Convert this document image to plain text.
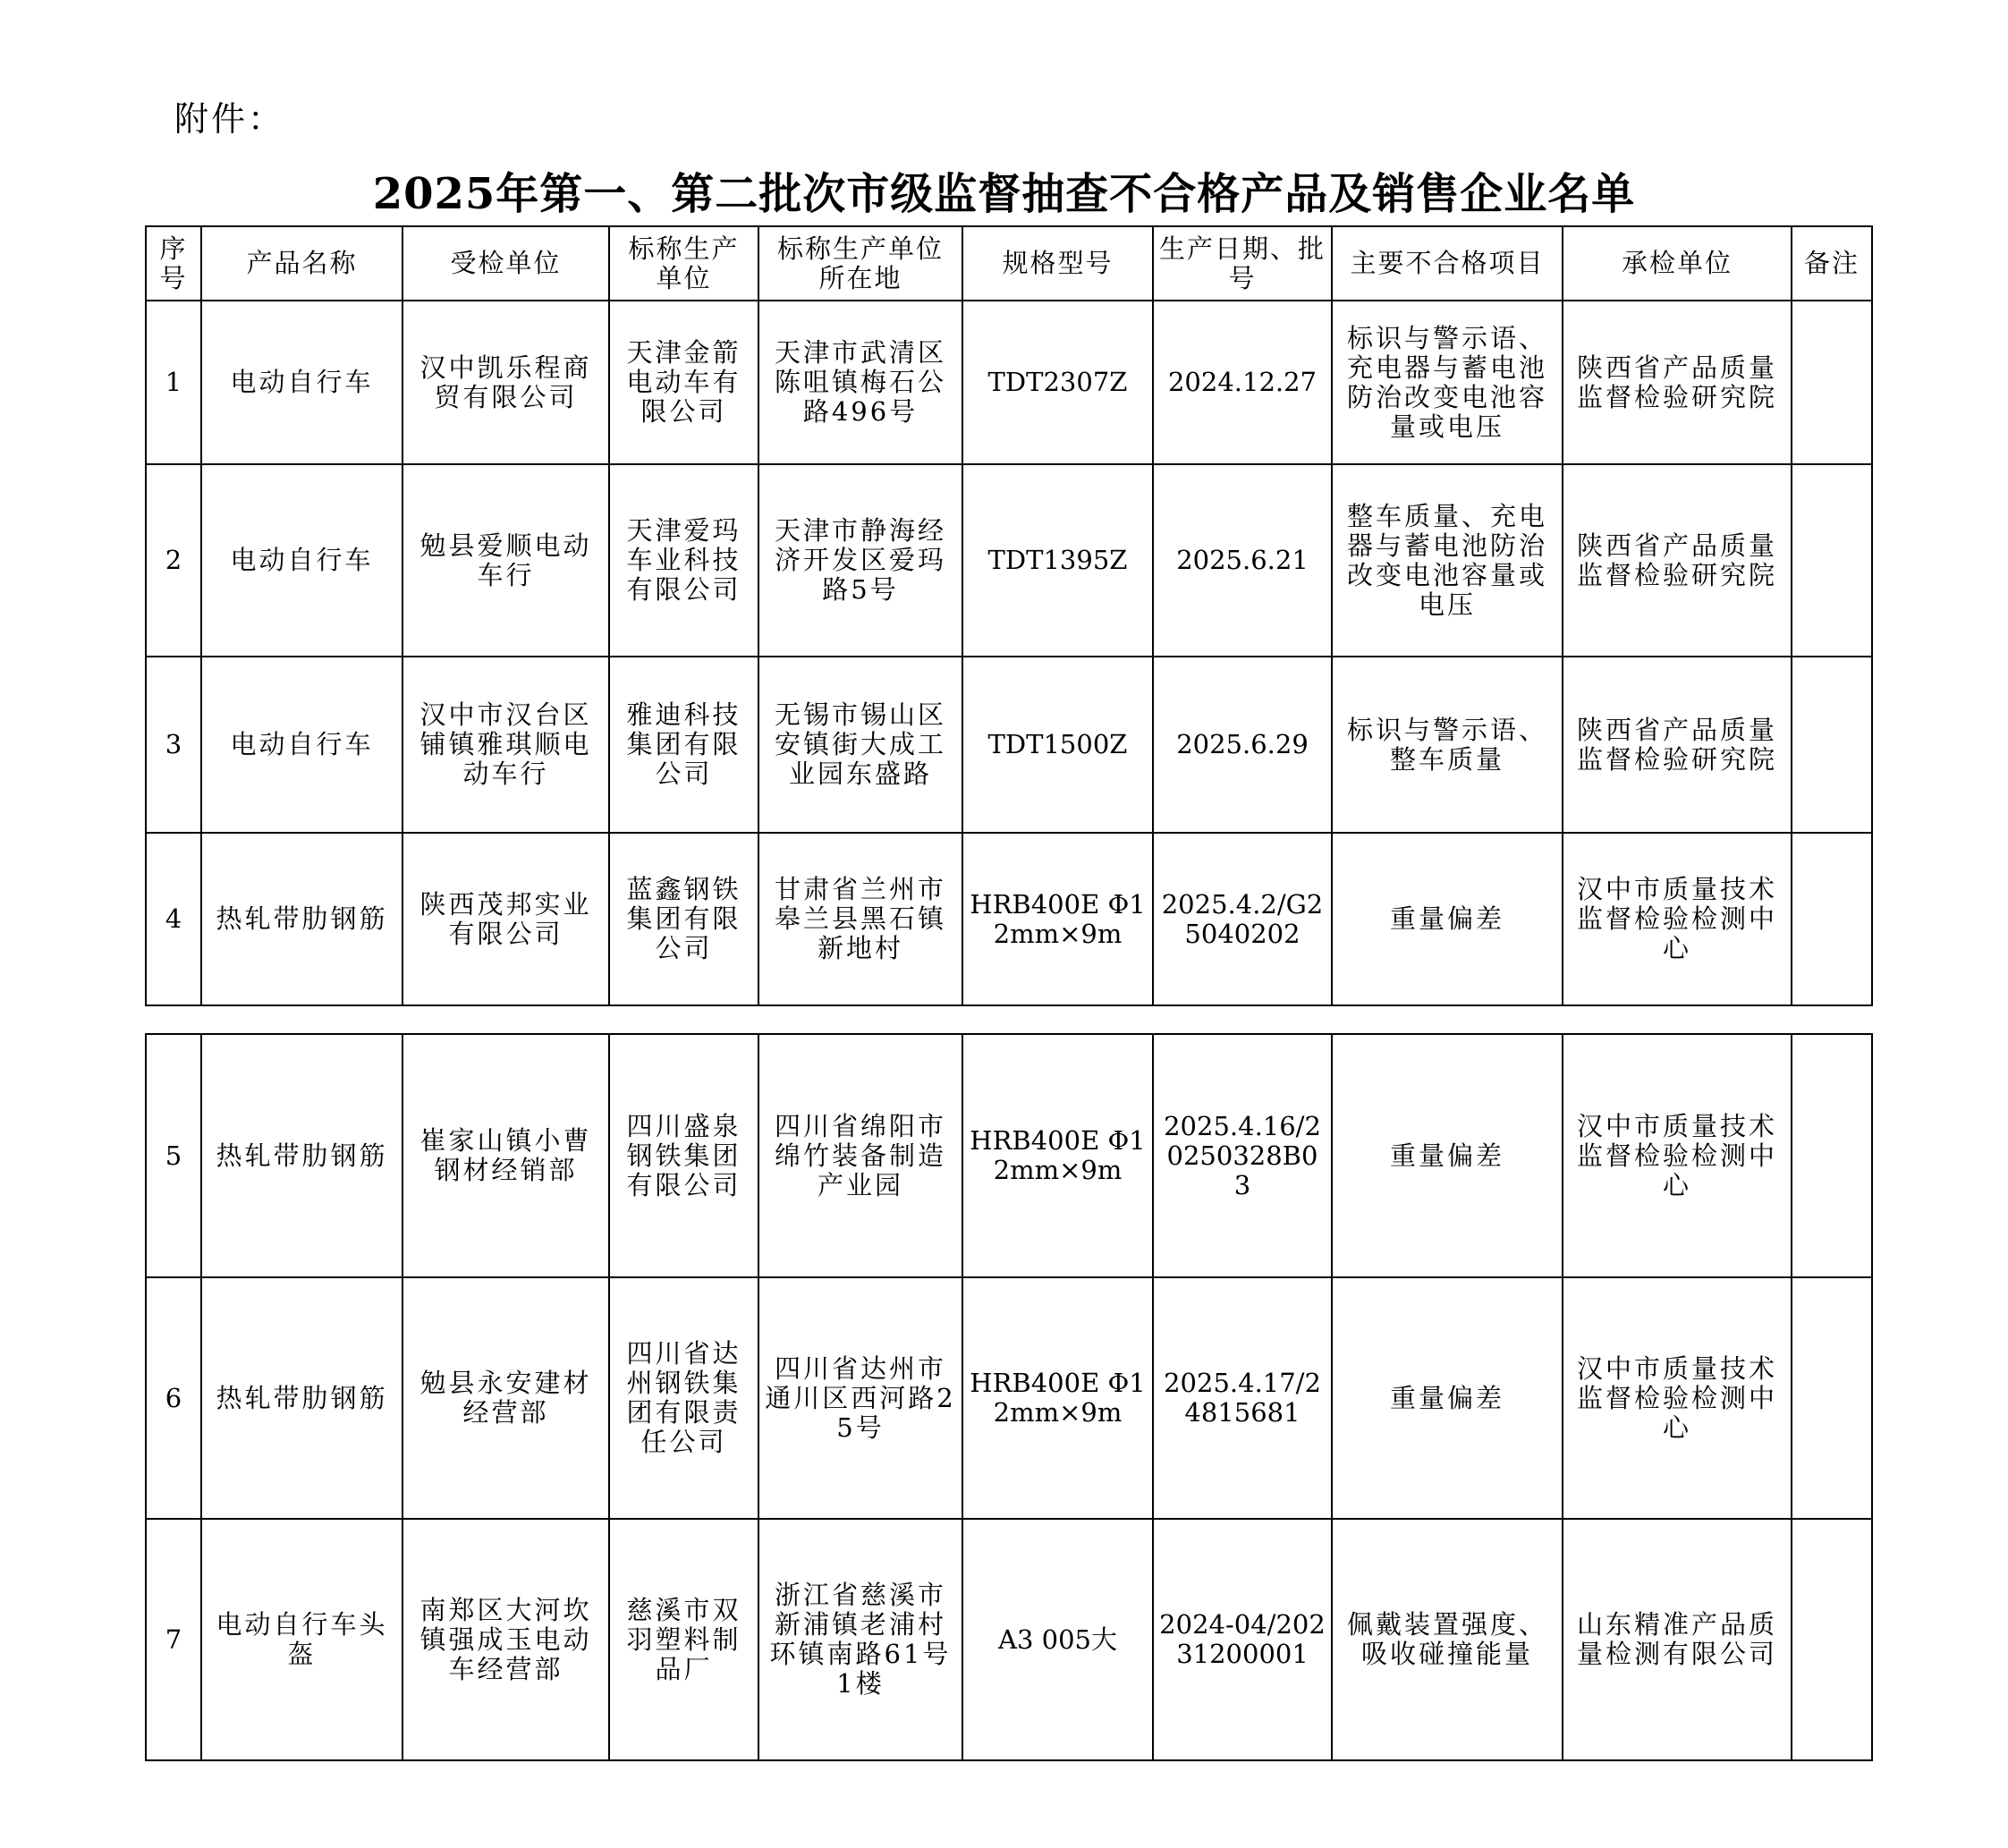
附件：
2025年第一、第二批次市级监督抽查不合格产品及销售企业名单
序号	产品名称	受检单位	标称生产单位	标称生产单位所在地	规格型号	生产日期、批号	主要不合格项目	承检单位	备注
1	电动自行车	汉中凯乐程商贸有限公司	天津金箭电动车有限公司	天津市武清区陈咀镇梅石公路496号	TDT2307Z	2024.12.27	标识与警示语、充电器与蓄电池防治改变电池容量或电压	陕西省产品质量监督检验研究院	
2	电动自行车	勉县爱顺电动车行	天津爱玛车业科技有限公司	天津市静海经济开发区爱玛路5号	TDT1395Z	2025.6.21	整车质量、充电器与蓄电池防治改变电池容量或电压	陕西省产品质量监督检验研究院	
3	电动自行车	汉中市汉台区铺镇雅琪顺电动车行	雅迪科技集团有限公司	无锡市锡山区安镇街大成工业园东盛路	TDT1500Z	2025.6.29	标识与警示语、整车质量	陕西省产品质量监督检验研究院	
4	热轧带肋钢筋	陕西茂邦实业有限公司	蓝鑫钢铁集团有限公司	甘肃省兰州市皋兰县黑石镇新地村	HRB400E Φ12mm×9m	2025.4.2/G25040202	重量偏差	汉中市质量技术监督检验检测中心	
5	热轧带肋钢筋	崔家山镇小曹钢材经销部	四川盛泉钢铁集团有限公司	四川省绵阳市绵竹装备制造产业园	HRB400E Φ12mm×9m	2025.4.16/20250328B03	重量偏差	汉中市质量技术监督检验检测中心	
6	热轧带肋钢筋	勉县永安建材经营部	四川省达州钢铁集团有限责任公司	四川省达州市通川区西河路25号	HRB400E Φ12mm×9m	2025.4.17/24815681	重量偏差	汉中市质量技术监督检验检测中心	
7	电动自行车头盔	南郑区大河坎镇强成玉电动车经营部	慈溪市双羽塑料制品厂	浙江省慈溪市新浦镇老浦村环镇南路61号1楼	A3 005大	2024-04/20231200001	佩戴装置强度、吸收碰撞能量	山东精准产品质量检测有限公司	
